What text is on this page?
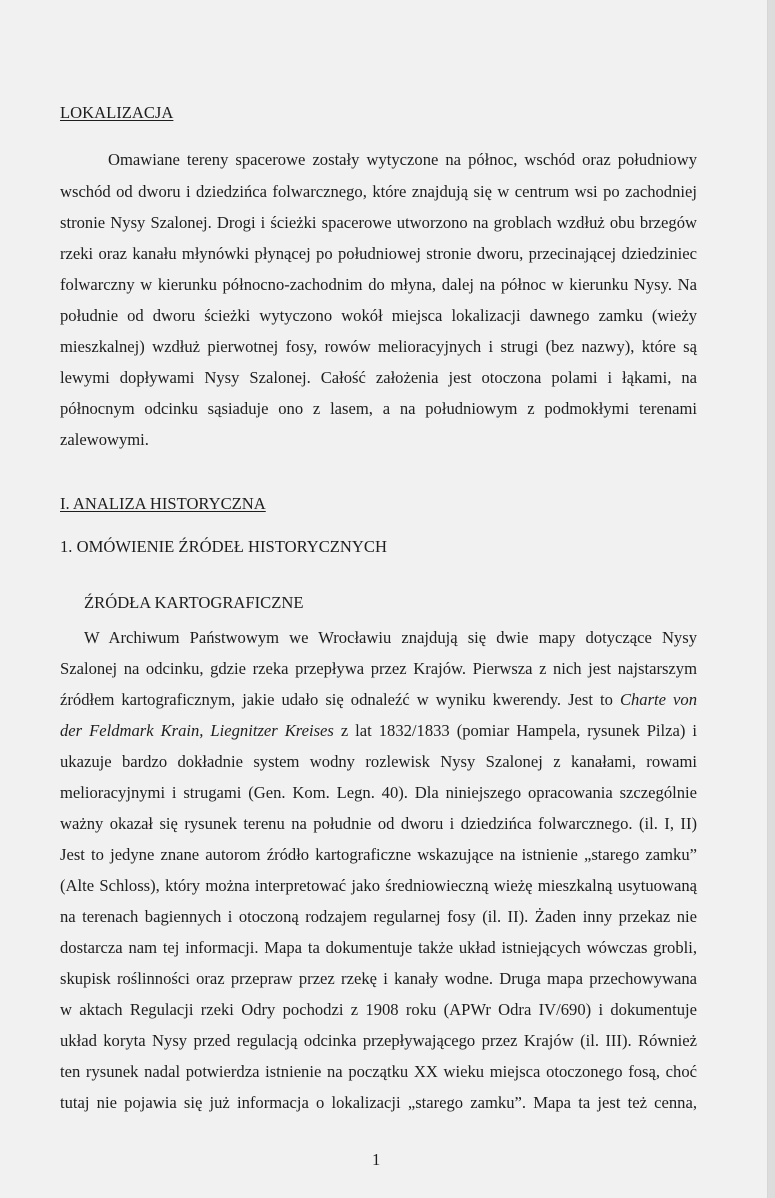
LOKALIZACJA
Omawiane tereny spacerowe zostały wytyczone na północ, wschód oraz południowy
wschód od dworu i dziedzińca folwarcznego, które znajdują się w centrum wsi po zachodniej
stronie Nysy Szalonej. Drogi i ścieżki spacerowe utworzono na groblach wzdłuż obu brzegów
rzeki oraz kanału młynówki płynącej po południowej stronie dworu, przecinającej dziedziniec
folwarczny w kierunku północno-zachodnim do młyna, dalej na północ w kierunku Nysy. Na
południe od dworu ścieżki wytyczono wokół miejsca lokalizacji dawnego zamku (wieży
mieszkalnej) wzdłuż pierwotnej fosy, rowów melioracyjnych i strugi (bez nazwy), które są
lewymi dopływami Nysy Szalonej. Całość założenia jest otoczona polami i łąkami, na
północnym odcinku sąsiaduje ono z lasem, a na południowym z podmokłymi terenami
zalewowymi.
I. ANALIZA HISTORYCZNA
1. OMÓWIENIE ŹRÓDEŁ HISTORYCZNYCH
ŹRÓDŁA KARTOGRAFICZNE
W Archiwum Państwowym we Wrocławiu znajdują się dwie mapy dotyczące Nysy
Szalonej na odcinku, gdzie rzeka przepływa przez Krajów. Pierwsza z nich jest najstarszym
źródłem kartograficznym, jakie udało się odnaleźć w wyniku kwerendy. Jest to Charte von
der Feldmark Krain, Liegnitzer Kreises z lat 1832/1833 (pomiar Hampela, rysunek Pilza) i
ukazuje bardzo dokładnie system wodny rozlewisk Nysy Szalonej z kanałami, rowami
melioracyjnymi i strugami (Gen. Kom. Legn. 40). Dla niniejszego opracowania szczególnie
ważny okazał się rysunek terenu na południe od dworu i dziedzińca folwarcznego. (il. I, II)
Jest to jedyne znane autorom źródło kartograficzne wskazujące na istnienie „starego zamku”
(Alte Schloss), który można interpretować jako średniowieczną wieżę mieszkalną usytuowaną
na terenach bagiennych i otoczoną rodzajem regularnej fosy (il. II). Żaden inny przekaz nie
dostarcza nam tej informacji. Mapa ta dokumentuje także układ istniejących wówczas grobli,
skupisk roślinności oraz przepraw przez rzekę i kanały wodne. Druga mapa przechowywana
w aktach Regulacji rzeki Odry pochodzi z 1908 roku (APWr Odra IV/690) i dokumentuje
układ koryta Nysy przed regulacją odcinka przepływającego przez Krajów (il. III). Również
ten rysunek nadal potwierdza istnienie na początku XX wieku miejsca otoczonego fosą, choć
tutaj nie pojawia się już informacja o lokalizacji „starego zamku”. Mapa ta jest też cenna,
1
